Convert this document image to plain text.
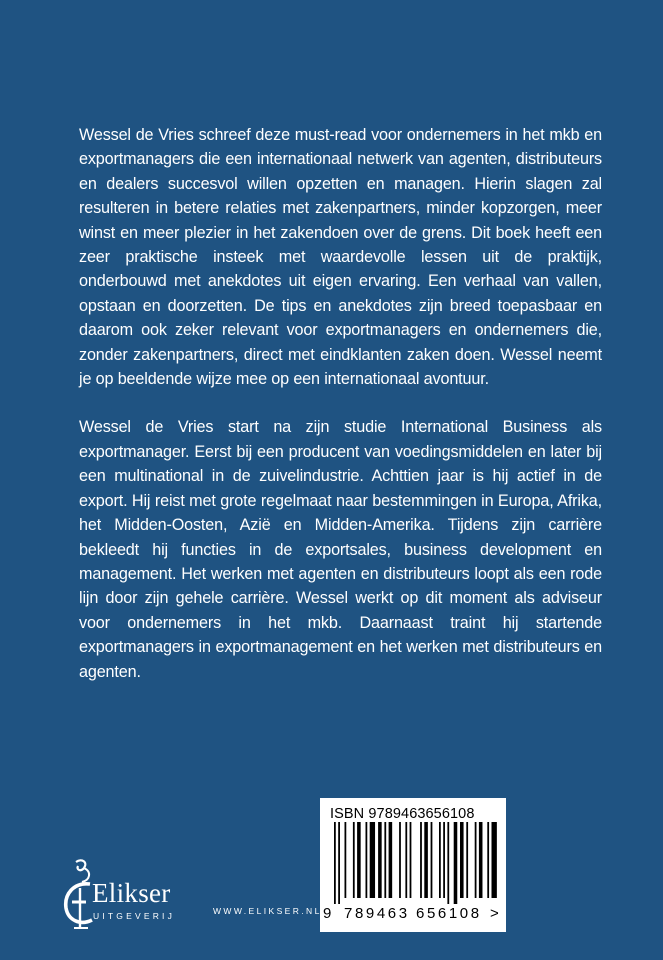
Wessel de Vries schreef deze must-read voor ondernemers in het mkb en exportmanagers die een internationaal netwerk van agenten, distributeurs en dealers succesvol willen opzetten en managen. Hierin slagen zal resulteren in betere relaties met zakenpartners, minder kopzorgen, meer winst en meer plezier in het zakendoen over de grens. Dit boek heeft een zeer praktische insteek met waardevolle lessen uit de praktijk, onderbouwd met anekdotes uit eigen ervaring. Een verhaal van vallen, opstaan en doorzetten. De tips en anekdotes zijn breed toepasbaar en daarom ook zeker relevant voor exportmanagers en ondernemers die, zonder zakenpartners, direct met eindklanten zaken doen. Wessel neemt je op beeldende wijze mee op een internationaal avontuur.

Wessel de Vries start na zijn studie International Business als exportmanager. Eerst bij een producent van voedingsmiddelen en later bij een multinational in de zuivelindustrie. Achttien jaar is hij actief in de export. Hij reist met grote regelmaat naar bestemmingen in Europa, Afrika, het Midden-Oosten, Azië en Midden-Amerika. Tijdens zijn carrière bekleedt hij functies in de exportsales, business development en management. Het werken met agenten en distributeurs loopt als een rode lijn door zijn gehele carrière. Wessel werkt op dit moment als adviseur voor ondernemers in het mkb. Daarnaast traint hij startende exportmanagers in exportmanagement en het werken met distributeurs en agenten.

ISBN 9789463656108
9 789463 656108 >
Elikser
UITGEVERIJ	WWW.ELIKSER.NL
